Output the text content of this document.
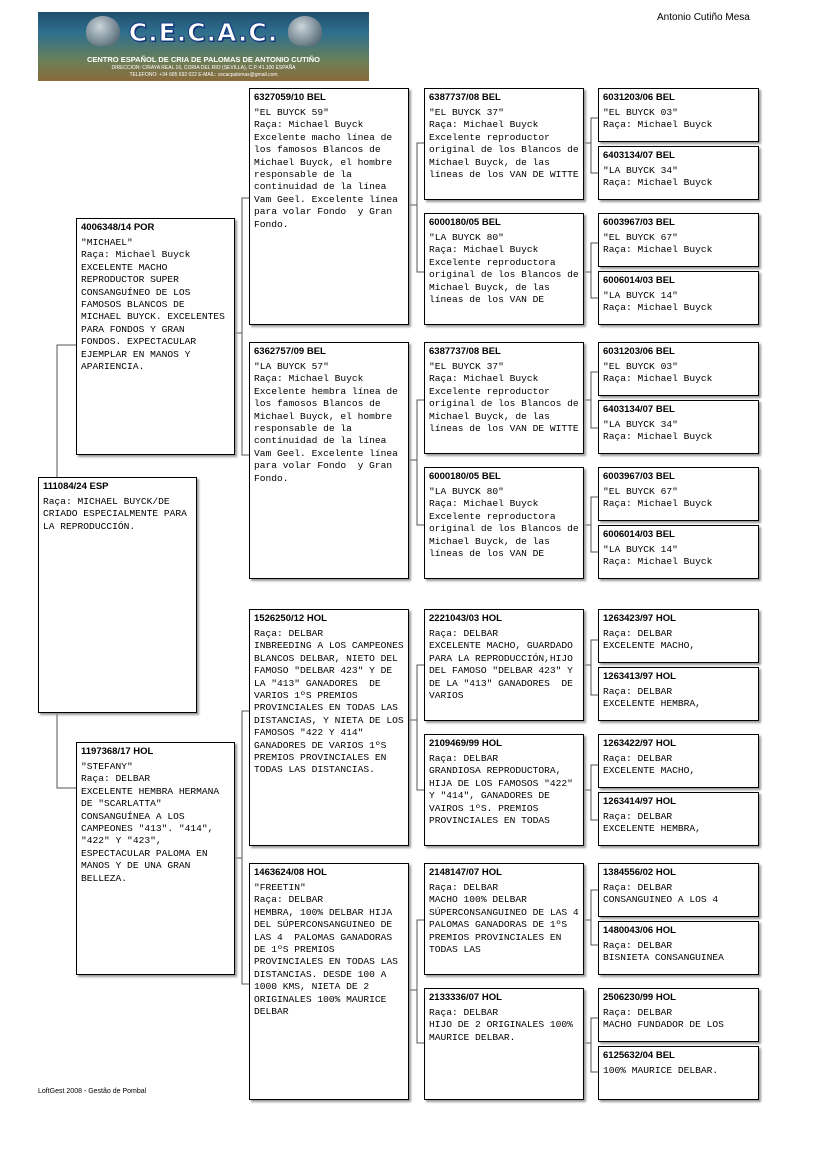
C.E.C.A.C.
CENTRO ESPAÑOL DE CRIA DE PALOMAS DE ANTONIO CUTIÑO
DIRECCION: C/RAYA REAL 16, CORIA DEL RIO (SEVILLA), C.P.:41.100 ESPAÑA
TELEFONO: +34 685 692 022 E-MAIL: cecacpalomas@gmail.com
Antonio Cutiño Mesa
111084/24 ESP
Raça: MICHAEL BUYCK/DE CRIADO ESPECIALMENTE PARA LA REPRODUCCIÓN.
4006348/14 POR
"MICHAEL"
Raça: Michael Buyck
EXCELENTE MACHO REPRODUCTOR SUPER CONSANGUÍNEO DE LOS FAMOSOS BLANCOS DE MICHAEL BUYCK. EXCELENTES PARA FONDOS Y GRAN FONDOS. EXPECTACULAR EJEMPLAR EN MANOS Y APARIENCIA.
1197368/17 HOL
"STEFANY"
Raça: DELBAR
EXCELENTE HEMBRA HERMANA DE "SCARLATTA" CONSANGUÍNEA A LOS CAMPEONES "413". "414", "422" Y "423", ESPECTACULAR PALOMA EN MANOS Y DE UNA GRAN BELLEZA.
6327059/10 BEL
"EL BUYCK 59"
Raça: Michael Buyck
Excelente macho línea de los famosos Blancos de Michael Buyck, el hombre responsable de la continuidad de la línea Vam Geel. Excelente línea para volar Fondo  y Gran Fondo.
6362757/09 BEL
"LA BUYCK 57"
Raça: Michael Buyck
Excelente hembra línea de los famosos Blancos de Michael Buyck, el hombre responsable de la continuidad de la línea Vam Geel. Excelente línea para volar Fondo  y Gran Fondo.
1526250/12 HOL
Raça: DELBAR
INBREEDING A LOS CAMPEONES BLANCOS DELBAR, NIETO DEL FAMOSO "DELBAR 423" Y DE LA "413" GANADORES  DE VARIOS 1ºS PREMIOS PROVINCIALES EN TODAS LAS DISTANCIAS, Y NIETA DE LOS FAMOSOS "422 Y 414" GANADORES DE VARIOS 1ºS PREMIOS PROVINCIALES EN TODAS LAS DISTANCIAS.
1463624/08 HOL
"FREETIN"
Raça: DELBAR
HEMBRA, 100% DELBAR HIJA DEL SÚPERCONSANGUINEO DE LAS 4  PALOMAS GANADORAS DE 1ºS PREMIOS PROVINCIALES EN TODAS LAS DISTANCIAS. DESDE 100 A 1000 KMS, NIETA DE 2 ORIGINALES 100% MAURICE DELBAR
6387737/08 BEL
"EL BUYCK 37"
Raça: Michael Buyck
Excelente reproductor original de los Blancos de Michael Buyck, de las líneas de los VAN DE WITTE
6000180/05 BEL
"LA BUYCK 80"
Raça: Michael Buyck
Excelente reproductora original de los Blancos de Michael Buyck, de las líneas de los VAN DE
6387737/08 BEL
"EL BUYCK 37"
Raça: Michael Buyck
Excelente reproductor original de los Blancos de Michael Buyck, de las líneas de los VAN DE WITTE
6000180/05 BEL
"LA BUYCK 80"
Raça: Michael Buyck
Excelente reproductora original de los Blancos de Michael Buyck, de las líneas de los VAN DE
2221043/03 HOL
Raça: DELBAR
EXCELENTE MACHO, GUARDADO PARA LA REPRODUCCIÓN,HIJO DEL FAMOSO "DELBAR 423" Y DE LA "413" GANADORES  DE VARIOS
2109469/99 HOL
Raça: DELBAR
GRANDIOSA REPRODUCTORA, HIJA DE LOS FAMOSOS "422" Y "414", GANADORES DE VAIROS 1ºS. PREMIOS PROVINCIALES EN TODAS
2148147/07 HOL
Raça: DELBAR
MACHO 100% DELBAR SÚPERCONSANGUINEO DE LAS 4  PALOMAS GANADORAS DE 1ºS PREMIOS PROVINCIALES EN TODAS LAS
2133336/07 HOL
Raça: DELBAR
HIJO DE 2 ORIGINALES 100% MAURICE DELBAR.
6031203/06 BEL
"EL BUYCK 03"
Raça: Michael Buyck
6403134/07 BEL
"LA BUYCK 34"
Raça: Michael Buyck
6003967/03 BEL
"EL BUYCK 67"
Raça: Michael Buyck
6006014/03 BEL
"LA BUYCK 14"
Raça: Michael Buyck
6031203/06 BEL
"EL BUYCK 03"
Raça: Michael Buyck
6403134/07 BEL
"LA BUYCK 34"
Raça: Michael Buyck
6003967/03 BEL
"EL BUYCK 67"
Raça: Michael Buyck
6006014/03 BEL
"LA BUYCK 14"
Raça: Michael Buyck
1263423/97 HOL
Raça: DELBAR
EXCELENTE MACHO,
1263413/97 HOL
Raça: DELBAR
EXCELENTE HEMBRA,
1263422/97 HOL
Raça: DELBAR
EXCELENTE MACHO,
1263414/97 HOL
Raça: DELBAR
EXCELENTE HEMBRA,
1384556/02 HOL
Raça: DELBAR
CONSANGUINEO A LOS 4
1480043/06 HOL
Raça: DELBAR
BISNIETA CONSANGUINEA
2506230/99 HOL
Raça: DELBAR
MACHO FUNDADOR DE LOS
6125632/04 BEL
100% MAURICE DELBAR.
LoftGest 2008 - Gestão de Pombal
